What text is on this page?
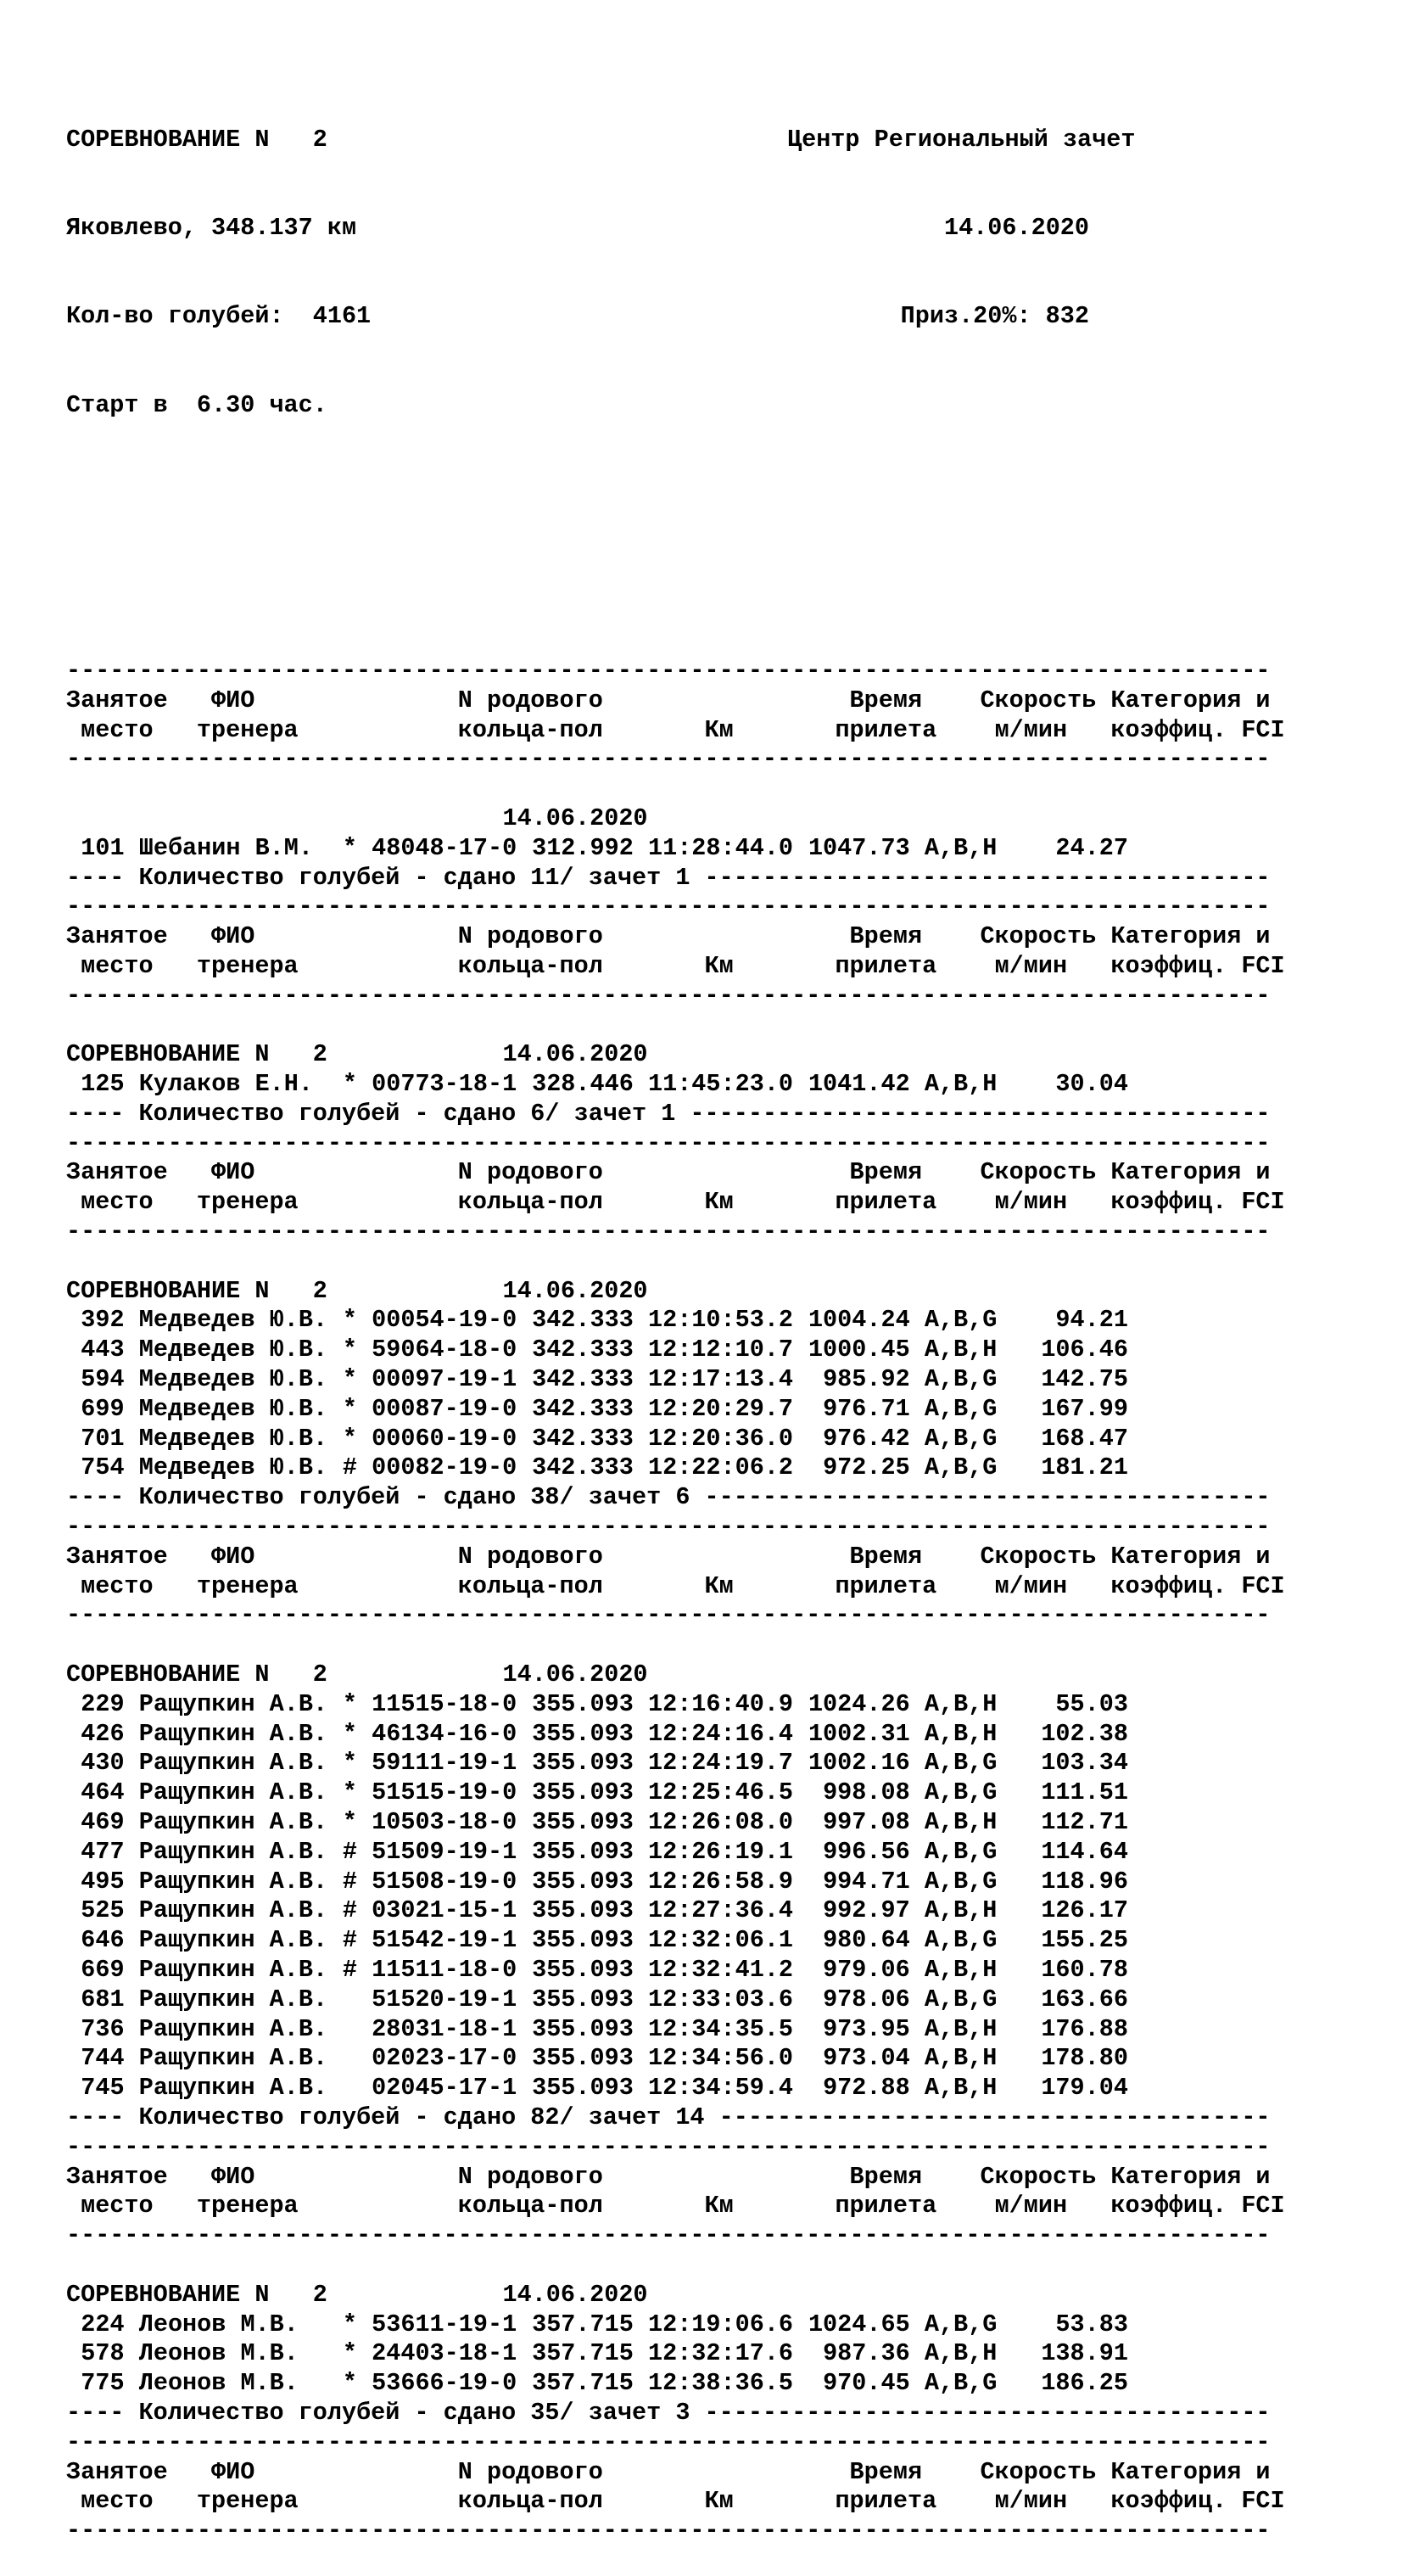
СОРЕВНОВАНИЕ N   2	Центр Региональный зачет

Яковлево, 348.137 км	14.06.2020

Кол-во голубей:  4161	Приз.20%: 832

Старт в  6.30 час.

-----------------------------------------------------------------------------------
Занятое   ФИО              N родового                 Время    Скорость Категория и
место   тренера           кольца-пол       Км       прилета    м/мин   коэффиц. FCI
-----------------------------------------------------------------------------------
14.06.2020
101 Шебанин В.М.	* 48048-17-0 312.992 11:28:44.0 1047.73 A,B,H	24.27
---- Количество голубей - сдано 11/ зачет 1 ---------------------------------------
-----------------------------------------------------------------------------------
Занятое   ФИО              N родового                 Время    Скорость Категория и
место   тренера           кольца-пол       Км       прилета    м/мин   коэффиц. FCI
-----------------------------------------------------------------------------------
СОРЕВНОВАНИЕ N   2	14.06.2020
125 Кулаков Е.Н.	* 00773-18-1 328.446 11:45:23.0 1041.42 A,B,H	30.04
---- Количество голубей - сдано 6/ зачет 1 ----------------------------------------
-----------------------------------------------------------------------------------
Занятое   ФИО              N родового                 Время    Скорость Категория и
место   тренера           кольца-пол       Км       прилета    м/мин   коэффиц. FCI
-----------------------------------------------------------------------------------
СОРЕВНОВАНИЕ N   2	14.06.2020
392 Медведев Ю.В. * 00054-19-0 342.333 12:10:53.2 1004.24 A,B,G	94.21
443 Медведев Ю.В. * 59064-18-0 342.333 12:12:10.7 1000.45 A,B,H	106.46
594 Медведев Ю.В. * 00097-19-1 342.333 12:17:13.4	985.92 A,B,G	142.75
699 Медведев Ю.В. * 00087-19-0 342.333 12:20:29.7	976.71 A,B,G	167.99
701 Медведев Ю.В. * 00060-19-0 342.333 12:20:36.0	976.42 A,B,G	168.47
754 Медведев Ю.В. # 00082-19-0 342.333 12:22:06.2	972.25 A,B,G	181.21
---- Количество голубей - сдано 38/ зачет 6 ---------------------------------------
-----------------------------------------------------------------------------------
Занятое   ФИО              N родового                 Время    Скорость Категория и
место   тренера           кольца-пол       Км       прилета    м/мин   коэффиц. FCI
-----------------------------------------------------------------------------------
СОРЕВНОВАНИЕ N   2	14.06.2020
229 Ращупкин А.В. * 11515-18-0 355.093 12:16:40.9 1024.26 A,B,H	55.03
426 Ращупкин А.В. * 46134-16-0 355.093 12:24:16.4 1002.31 A,B,H	102.38
430 Ращупкин А.В. * 59111-19-1 355.093 12:24:19.7 1002.16 A,B,G	103.34
464 Ращупкин А.В. * 51515-19-0 355.093 12:25:46.5	998.08 A,B,G	111.51
469 Ращупкин А.В. * 10503-18-0 355.093 12:26:08.0	997.08 A,B,H	112.71
477 Ращупкин А.В. # 51509-19-1 355.093 12:26:19.1	996.56 A,B,G	114.64
495 Ращупкин А.В. # 51508-19-0 355.093 12:26:58.9	994.71 A,B,G	118.96
525 Ращупкин А.В. # 03021-15-1 355.093 12:27:36.4	992.97 A,B,H	126.17
646 Ращупкин А.В. # 51542-19-1 355.093 12:32:06.1	980.64 A,B,G	155.25
669 Ращупкин А.В. # 11511-18-0 355.093 12:32:41.2	979.06 A,B,H	160.78
681 Ращупкин А.В.	51520-19-1 355.093 12:33:03.6	978.06 A,B,G	163.66
736 Ращупкин А.В.	28031-18-1 355.093 12:34:35.5	973.95 A,B,H	176.88
744 Ращупкин А.В.	02023-17-0 355.093 12:34:56.0	973.04 A,B,H	178.80
745 Ращупкин А.В.	02045-17-1 355.093 12:34:59.4	972.88 A,B,H	179.04
---- Количество голубей - сдано 82/ зачет 14 --------------------------------------
-----------------------------------------------------------------------------------
Занятое   ФИО              N родового                 Время    Скорость Категория и
место   тренера           кольца-пол       Км       прилета    м/мин   коэффиц. FCI
-----------------------------------------------------------------------------------
СОРЕВНОВАНИЕ N   2	14.06.2020
224 Леонов М.В.	* 53611-19-1 357.715 12:19:06.6 1024.65 A,B,G	53.83
578 Леонов М.В.	* 24403-18-1 357.715 12:32:17.6	987.36 A,B,H	138.91
775 Леонов М.В.	* 53666-19-0 357.715 12:38:36.5	970.45 A,B,G	186.25
---- Количество голубей - сдано 35/ зачет 3 ---------------------------------------
-----------------------------------------------------------------------------------
Занятое   ФИО              N родового                 Время    Скорость Категория и
место   тренера           кольца-пол       Км       прилета    м/мин   коэффиц. FCI
-----------------------------------------------------------------------------------
